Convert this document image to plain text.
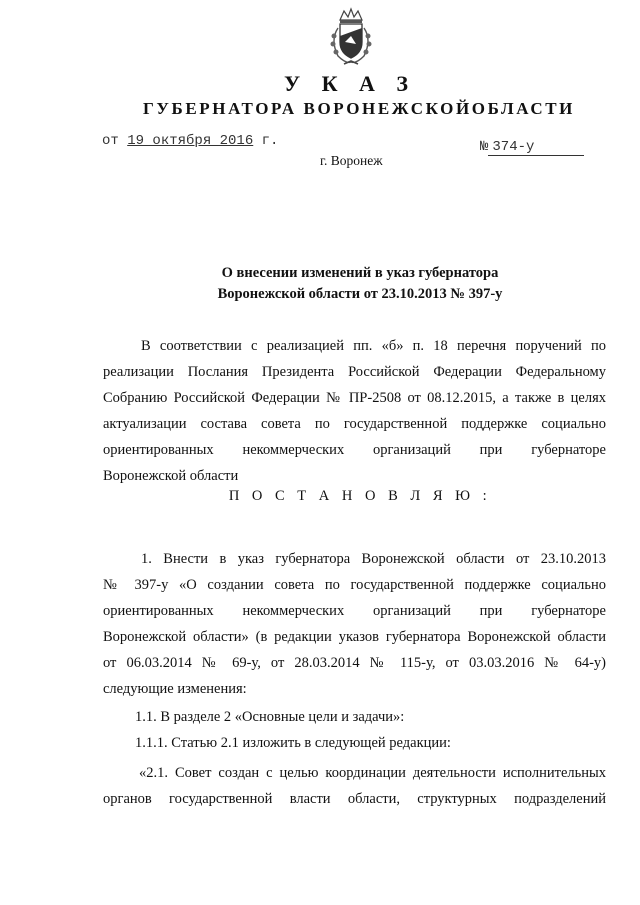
У К А З
ГУБЕРНАТОРА ВОРОНЕЖСКОЙОБЛАСТИ
от 19 октября 2016 г.	№ 374-у
г. Воронеж
О внесении изменений в указ губернатора
Воронежской области от 23.10.2013 № 397-у
В соответствии с реализацией пп. «б» п. 18 перечня поручений по
реализации Послания Президента Российской Федерации Федеральному
Собранию Российской Федерации № ПР-2508 от 08.12.2015, а также в целях
актуализации состава совета по государственной поддержке социально
ориентированных некоммерческих организаций при губернаторе
Воронежской области
П О С Т А Н О В Л Я Ю :
1. Внести в указ губернатора Воронежской области от 23.10.2013
№ 397-у «О создании совета по государственной поддержке социально
ориентированных некоммерческих организаций при губернаторе
Воронежской области» (в редакции указов губернатора Воронежской области
от 06.03.2014 № 69-у, от 28.03.2014 № 115-у, от 03.03.2016 № 64-у)
следующие изменения:
1.1. В разделе 2 «Основные цели и задачи»:
1.1.1. Статью 2.1 изложить в следующей редакции:
«2.1. Совет создан с целью координации деятельности исполнительных
органов государственной власти области, структурных подразделений
